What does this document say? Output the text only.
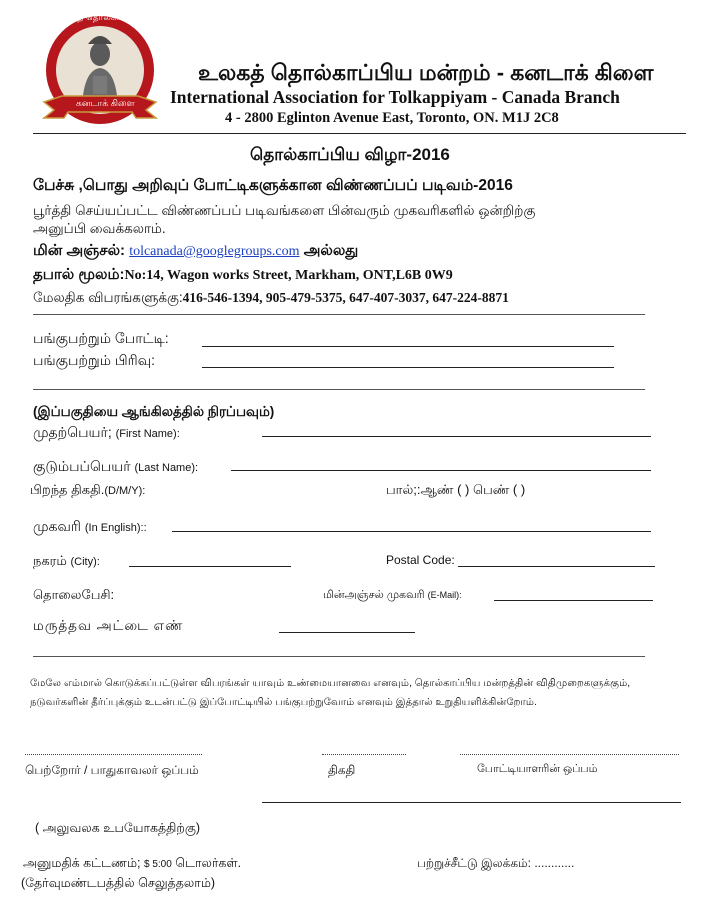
உலகத் தொல்காப்பிய மன்றம்
கனடாக் கிளை
உலகத் தொல்காப்பிய மன்றம் - கனடாக் கிளை
International Association for Tolkappiyam - Canada Branch
4 - 2800 Eglinton Avenue East, Toronto, ON. M1J 2C8
தொல்காப்பிய விழா-2016
பேச்சு ,பொது அறிவுப் போட்டிகளுக்கான விண்ணப்பப் படிவம்-2016
பூர்த்தி செய்யப்பட்ட விண்ணப்பப் படிவங்களை பின்வரும் முகவரிகளில் ஒன்றிற்கு
அனுப்பி வைக்கலாம்.
மின் அஞ்சல்: tolcanada@googlegroups.com அல்லது
தபால் மூலம்:No:14, Wagon works Street, Markham, ONT,L6B 0W9
மேலதிக விபரங்களுக்கு:416-546-1394, 905-479-5375, 647-407-3037, 647-224-8871
பங்குபற்றும் போட்டி:
பங்குபற்றும் பிரிவு:
(இப்பகுதியை ஆங்கிலத்தில் நிரப்பவும்)
முதற்பெயர்; (First Name):
குடும்பப்பெயர் (Last Name):
பிறந்த திகதி.(D/M/Y):	பால்;:ஆண் ( ) பெண் ( )
முகவரி (In English)::
நகரம் (City):	Postal Code:
தொலைபேசி:	மின்அஞ்சல் முகவரி (E-Mail):
மருத்தவ அட்டை எண்
மேலே எம்மால் கொடுக்கப்பட்டுள்ள விபரங்கள் யாவும் உண்மையானவை எனவும், தொல்காப்பிய மன்றத்தின் விதிமுறைகளுக்கும்,
நடுவர்களின் தீர்ப்புக்கும் உடன்பட்டு இப்போட்டியில் பங்குபற்றுவோம் எனவும் இத்தால் உறுதியளிக்கின்றோம்.
பெற்றோர் / பாதுகாவலர் ஒப்பம்	திகதி	போட்டியாளரின் ஒப்பம்
( அலுவலக உபயோகத்திற்கு)
அனுமதிக் கட்டணம்; $ 5:00 டொலர்கள்.	பற்றுச்சீட்டு இலக்கம்: ............
(தேர்வுமண்டபத்தில் செலுத்தலாம்)
